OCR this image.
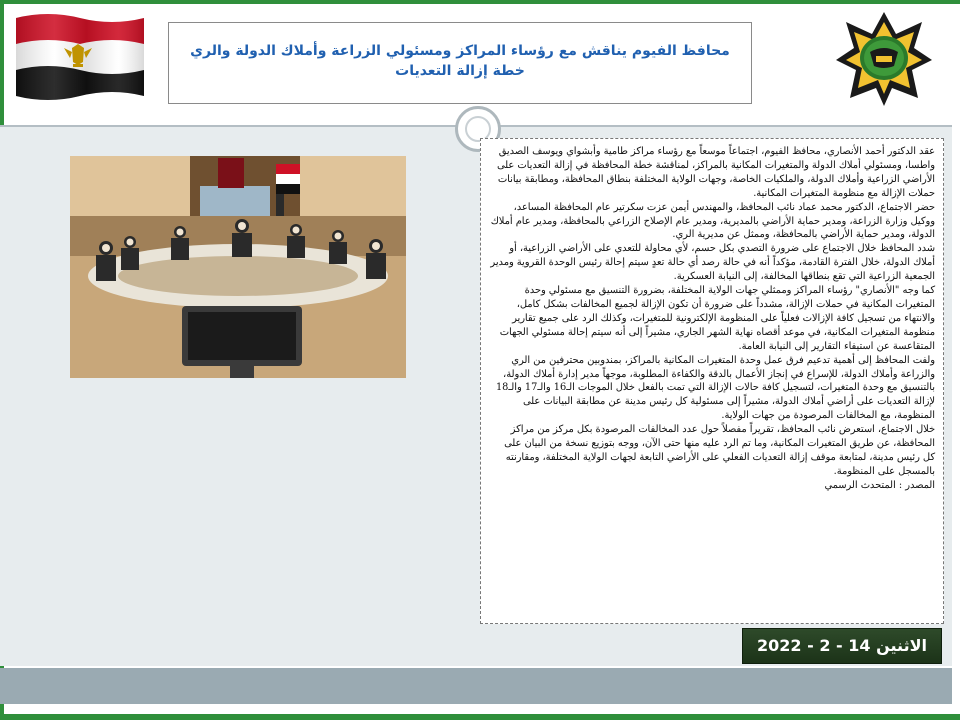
محافظ الفيوم يناقش مع رؤساء المراكز ومسئولي الزراعة وأملاك الدولة والري خطة إزالة التعديات

عقد الدكتور أحمد الأنصاري، محافظ الفيوم، اجتماعاً موسعاً مع رؤساء مراكز طامية وأبشواي ويوسف الصديق واطسا، ومسئولي أملاك الدولة والمتغيرات المكانية بالمراكز، لمناقشة خطة المحافظة في إزالة التعديات على الأراضي الزراعية وأملاك الدولة، والملكيات الخاصة، وجهات الولاية المختلفة بنطاق المحافظة، ومطابقة بيانات حملات الإزالة مع منظومة المتغيرات المكانية.

حضر الاجتماع، الدكتور محمد عماد نائب المحافظ، والمهندس أيمن عزت سكرتير عام المحافظة المساعد، ووكيل وزارة الزراعة، ومدير حماية الأراضي بالمديرية، ومدير عام الإصلاح الزراعي بالمحافظة، ومدير عام أملاك الدولة، ومدير حماية الأراضي بالمحافظة، وممثل عن مديرية الري.

شدد المحافظ خلال الاجتماع على ضرورة التصدي بكل حسم، لأي محاولة للتعدي على الأراضي الزراعية، أو أملاك الدولة، خلال الفترة القادمة، مؤكداً أنه في حالة رصد أي حالة تعدٍ سيتم إحالة رئيس الوحدة القروية ومدير الجمعية الزراعية التي تقع بنطاقها المخالفة، إلى النيابة العسكرية.

كما وجه "الأنصاري" رؤساء المراكز وممثلي جهات الولاية المختلفة، بضرورة التنسيق مع مسئولي وحدة المتغيرات المكانية في حملات الإزالة، مشدداً على ضرورة أن تكون الإزالة لجميع المخالفات بشكل كامل، والانتهاء من تسجيل كافة الإزالات فعلياً على المنظومة الإلكترونية للمتغيرات، وكذلك الرد على جميع تقارير منظومة المتغيرات المكانية، في موعد أقصاه نهاية الشهر الجاري، مشيراً إلى أنه سيتم إحالة مسئولي الجهات المتقاعسة عن استيفاء التقارير إلى النيابة العامة.

ولفت المحافظ إلى أهمية تدعيم فرق عمل وحدة المتغيرات المكانية بالمراكز، بمندوبين محترفين من الري والزراعة وأملاك الدولة، للإسراع في إنجاز الأعمال بالدقة والكفاءة المطلوبة، موجهاً مدير إدارة أملاك الدولة، بالتنسيق مع وحدة المتغيرات، لتسجيل كافة حالات الإزالة التي تمت بالفعل خلال الموجات الـ16 والـ17 والـ18 لإزالة التعديات على أراضي أملاك الدولة، مشيراً إلى مسئولية كل رئيس مدينة عن مطابقة البيانات على المنظومة، مع المخالفات المرصودة من جهات الولاية.

خلال الاجتماع، استعرض نائب المحافظ، تقريراً مفصلاً حول عدد المخالفات المرصودة بكل مركز من مراكز المحافظة، عن طريق المتغيرات المكانية، وما تم الرد عليه منها حتى الآن، ووجه بتوزيع نسخة من البيان على كل رئيس مدينة، لمتابعة موقف إزالة التعديات الفعلي على الأراضي التابعة لجهات الولاية المختلفة، ومقارنته بالمسجل على المنظومة.

المصدر : المتحدث الرسمي

الاثنين 14 - 2 - 2022
